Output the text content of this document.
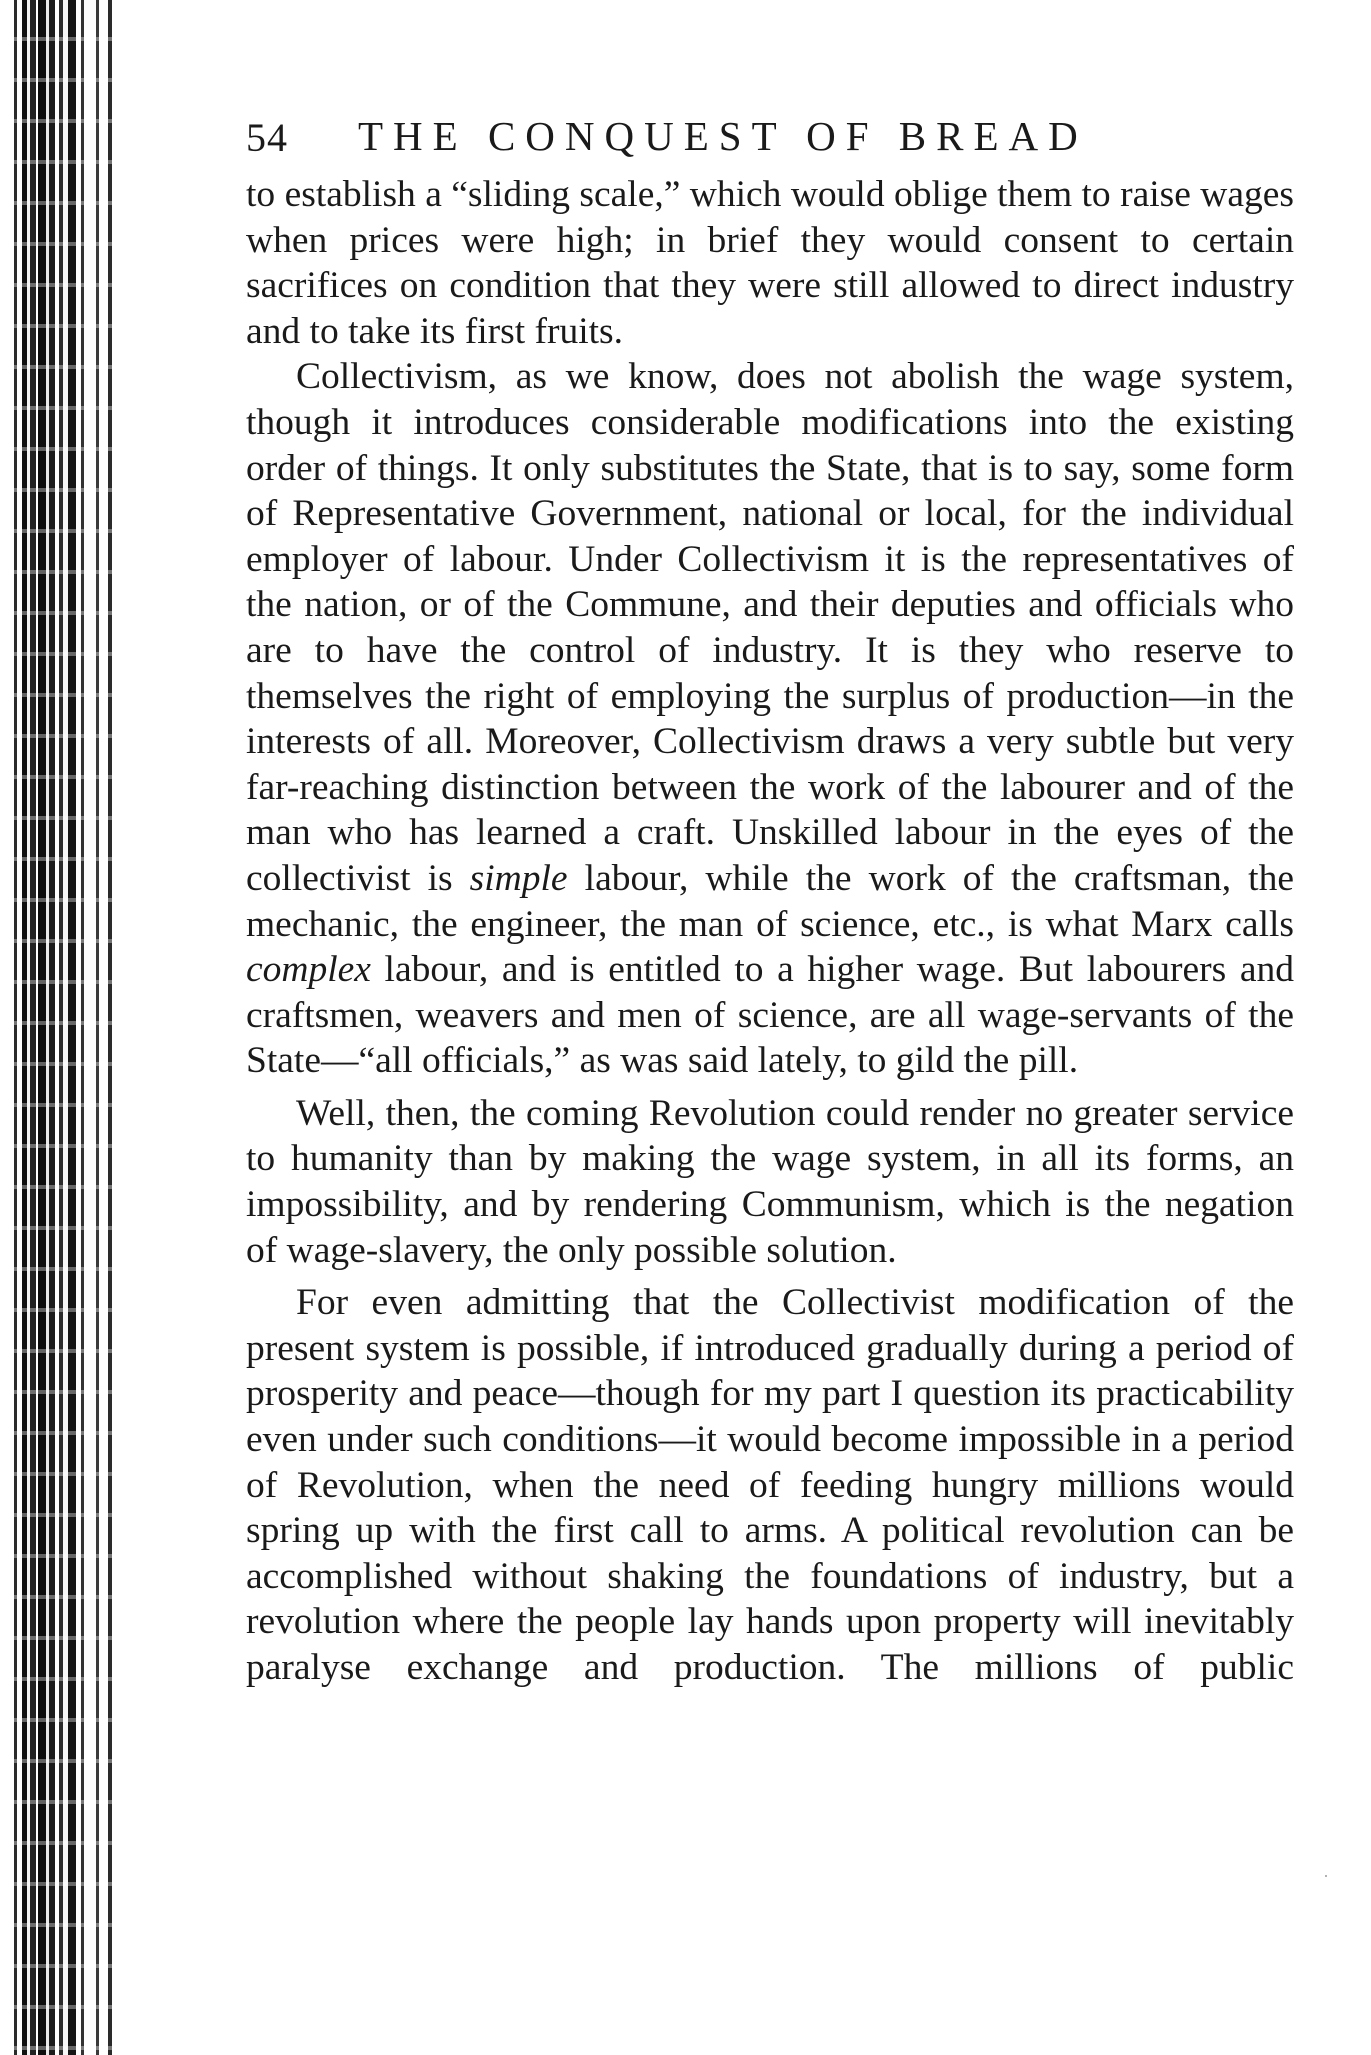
54 THE CONQUEST OF BREAD

to establish a “sliding scale,” which would oblige them to raise wages when prices were high; in brief they would consent to certain sacrifices on condition that they were still allowed to direct industry and to take its first fruits.

Collectivism, as we know, does not abolish the wage system, though it introduces considerable modifications into the existing order of things. It only substitutes the State, that is to say, some form of Representative Government, national or local, for the individual employer of labour. Under Collectivism it is the representatives of the nation, or of the Commune, and their deputies and officials who are to have the control of industry. It is they who reserve to themselves the right of employing the surplus of production—in the interests of all. Moreover, Collectivism draws a very subtle but very far-reaching distinction between the work of the labourer and of the man who has learned a craft. Unskilled labour in the eyes of the collectivist is simple labour, while the work of the craftsman, the mechanic, the engineer, the man of science, etc., is what Marx calls complex labour, and is entitled to a higher wage. But labourers and craftsmen, weavers and men of science, are all wage-servants of the State—“all officials,” as was said lately, to gild the pill.

Well, then, the coming Revolution could render no greater service to humanity than by making the wage system, in all its forms, an impossibility, and by rendering Communism, which is the negation of wage-slavery, the only possible solution.

For even admitting that the Collectivist modification of the present system is possible, if introduced gradually during a period of prosperity and peace—though for my part I question its practicability even under such conditions—it would become impossible in a period of Revolution, when the need of feeding hungry millions would spring up with the first call to arms. A political revolution can be accomplished without shaking the foundations of industry, but a revolution where the people lay hands upon property will inevitably paralyse exchange and production. The millions of public
